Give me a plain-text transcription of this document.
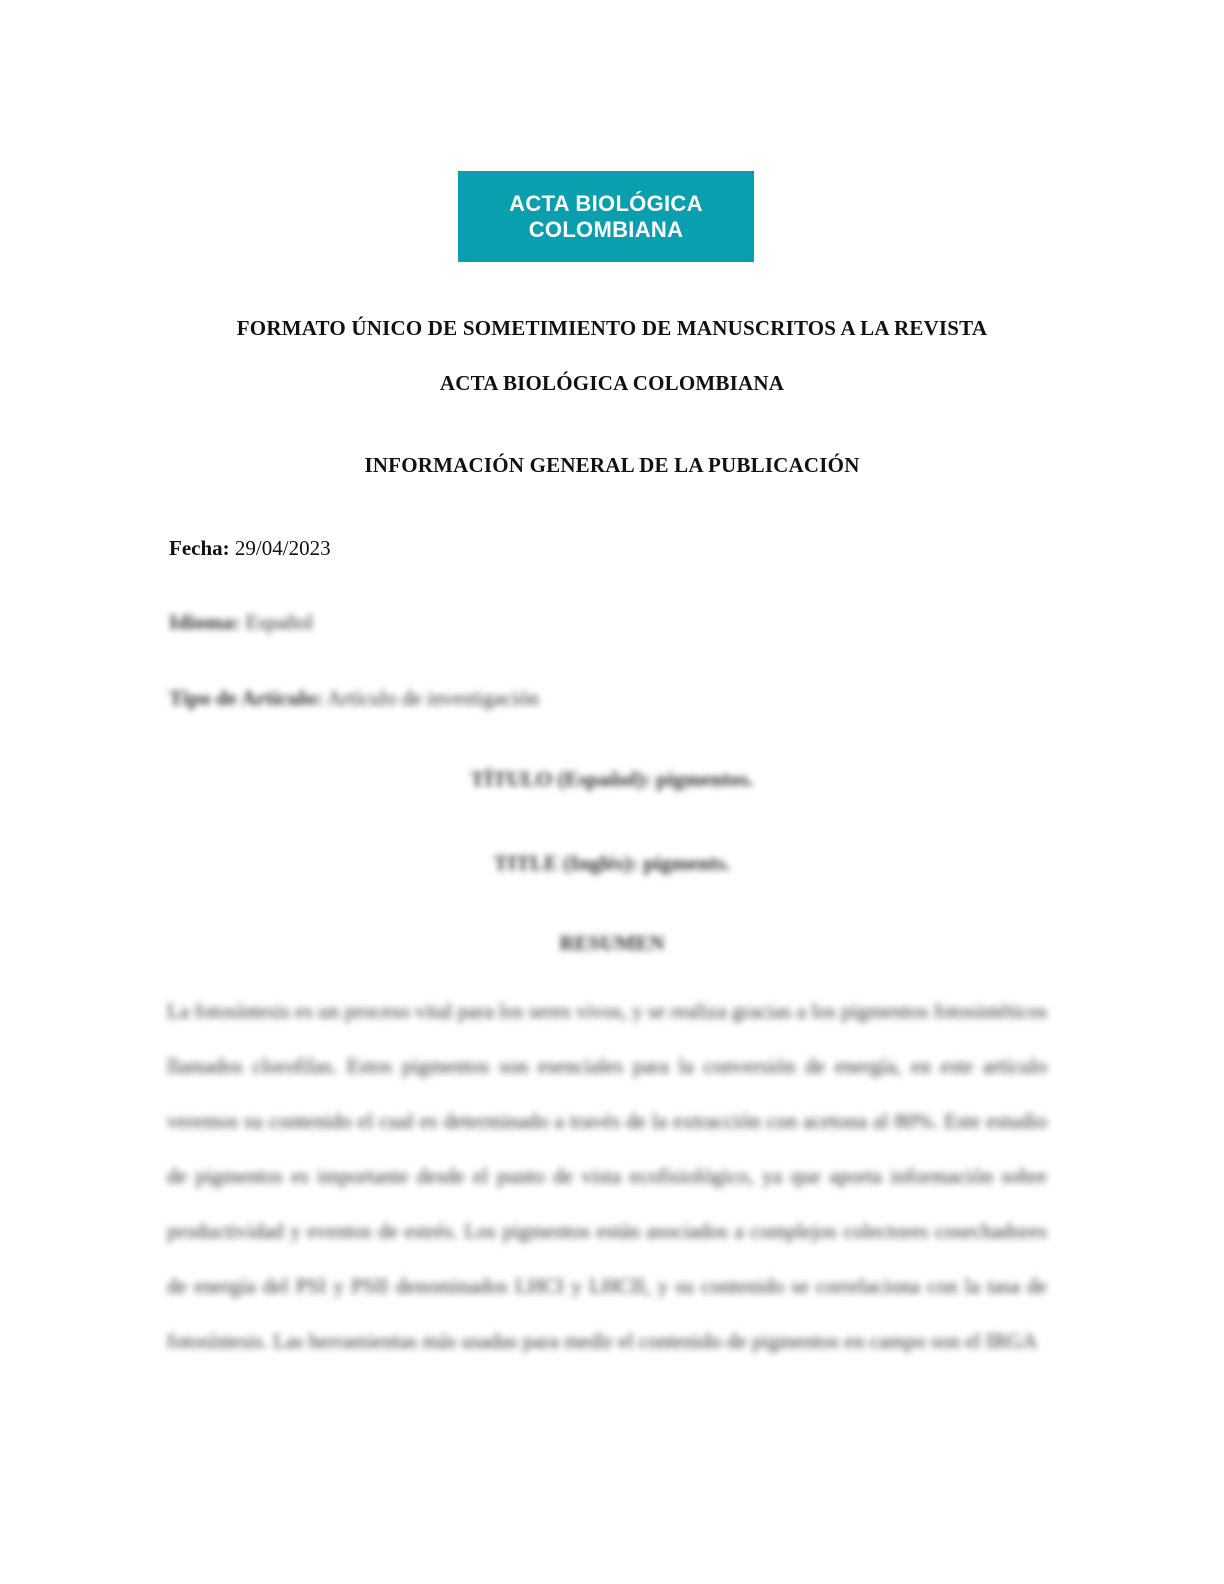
ACTA BIOLÓGICA
COLOMBIANA
FORMATO ÚNICO DE SOMETIMIENTO DE MANUSCRITOS A LA REVISTA
ACTA BIOLÓGICA COLOMBIANA
INFORMACIÓN GENERAL DE LA PUBLICACIÓN
Fecha: 29/04/2023
Idioma: Español
Tipo de Artículo: Artículo de investigación
TÍTULO (Español): pigmentos.
TITLE (Inglés): pigments.
RESUMEN
La fotosíntesis es un proceso vital para los seres vivos, y se realiza gracias a los pigmentos fotosintéticos llamados clorofilas. Estos pigmentos son esenciales para la conversión de energía, en este artículo veremos su contenido el cual es determinado a través de la extracción con acetona al 80%. Este estudio de pigmentos es importante desde el punto de vista ecofisiológico, ya que aporta información sobre productividad y eventos de estrés. Los pigmentos están asociados a complejos colectores cosechadores de energía del PSI y PSII denominados LHCI y LHCII, y su contenido se correlaciona con la tasa de fotosíntesis. Las herramientas más usadas para medir el contenido de pigmentos en campo son el IRGA
